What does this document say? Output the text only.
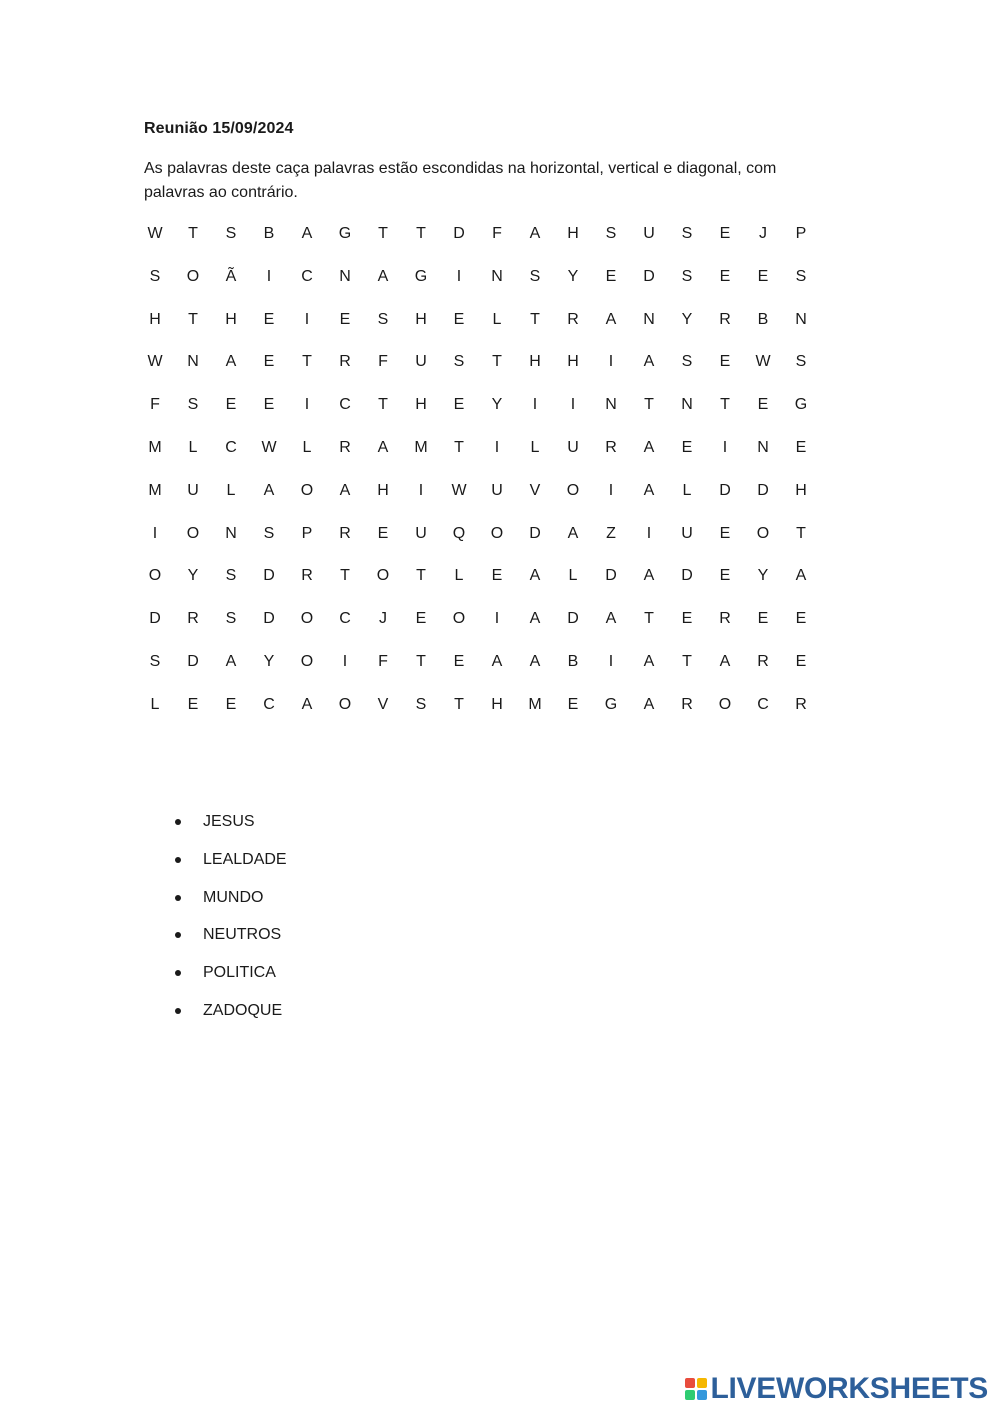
Reunião 15/09/2024
As palavras deste caça palavras estão escondidas na horizontal, vertical e diagonal, com palavras ao contrário.
W	T	S	B	A	G	T	T	D	F	A	H	S	U	S	E	J	P
S	O	Ã	I	C	N	A	G	I	N	S	Y	E	D	S	E	E	S
H	T	H	E	I	E	S	H	E	L	T	R	A	N	Y	R	B	N
W	N	A	E	T	R	F	U	S	T	H	H	I	A	S	E	W	S
F	S	E	E	I	C	T	H	E	Y	I	I	N	T	N	T	E	G
M	L	C	W	L	R	A	M	T	I	L	U	R	A	E	I	N	E
M	U	L	A	O	A	H	I	W	U	V	O	I	A	L	D	D	H
I	O	N	S	P	R	E	U	Q	O	D	A	Z	I	U	E	O	T
O	Y	S	D	R	T	O	T	L	E	A	L	D	A	D	E	Y	A
D	R	S	D	O	C	J	E	O	I	A	D	A	T	E	R	E	E
S	D	A	Y	O	I	F	T	E	A	A	B	I	A	T	A	R	E
L	E	E	C	A	O	V	S	T	H	M	E	G	A	R	O	C	R
JESUS
LEALDADE
MUNDO
NEUTROS
POLITICA
ZADOQUE
LIVEWORKSHEETS
